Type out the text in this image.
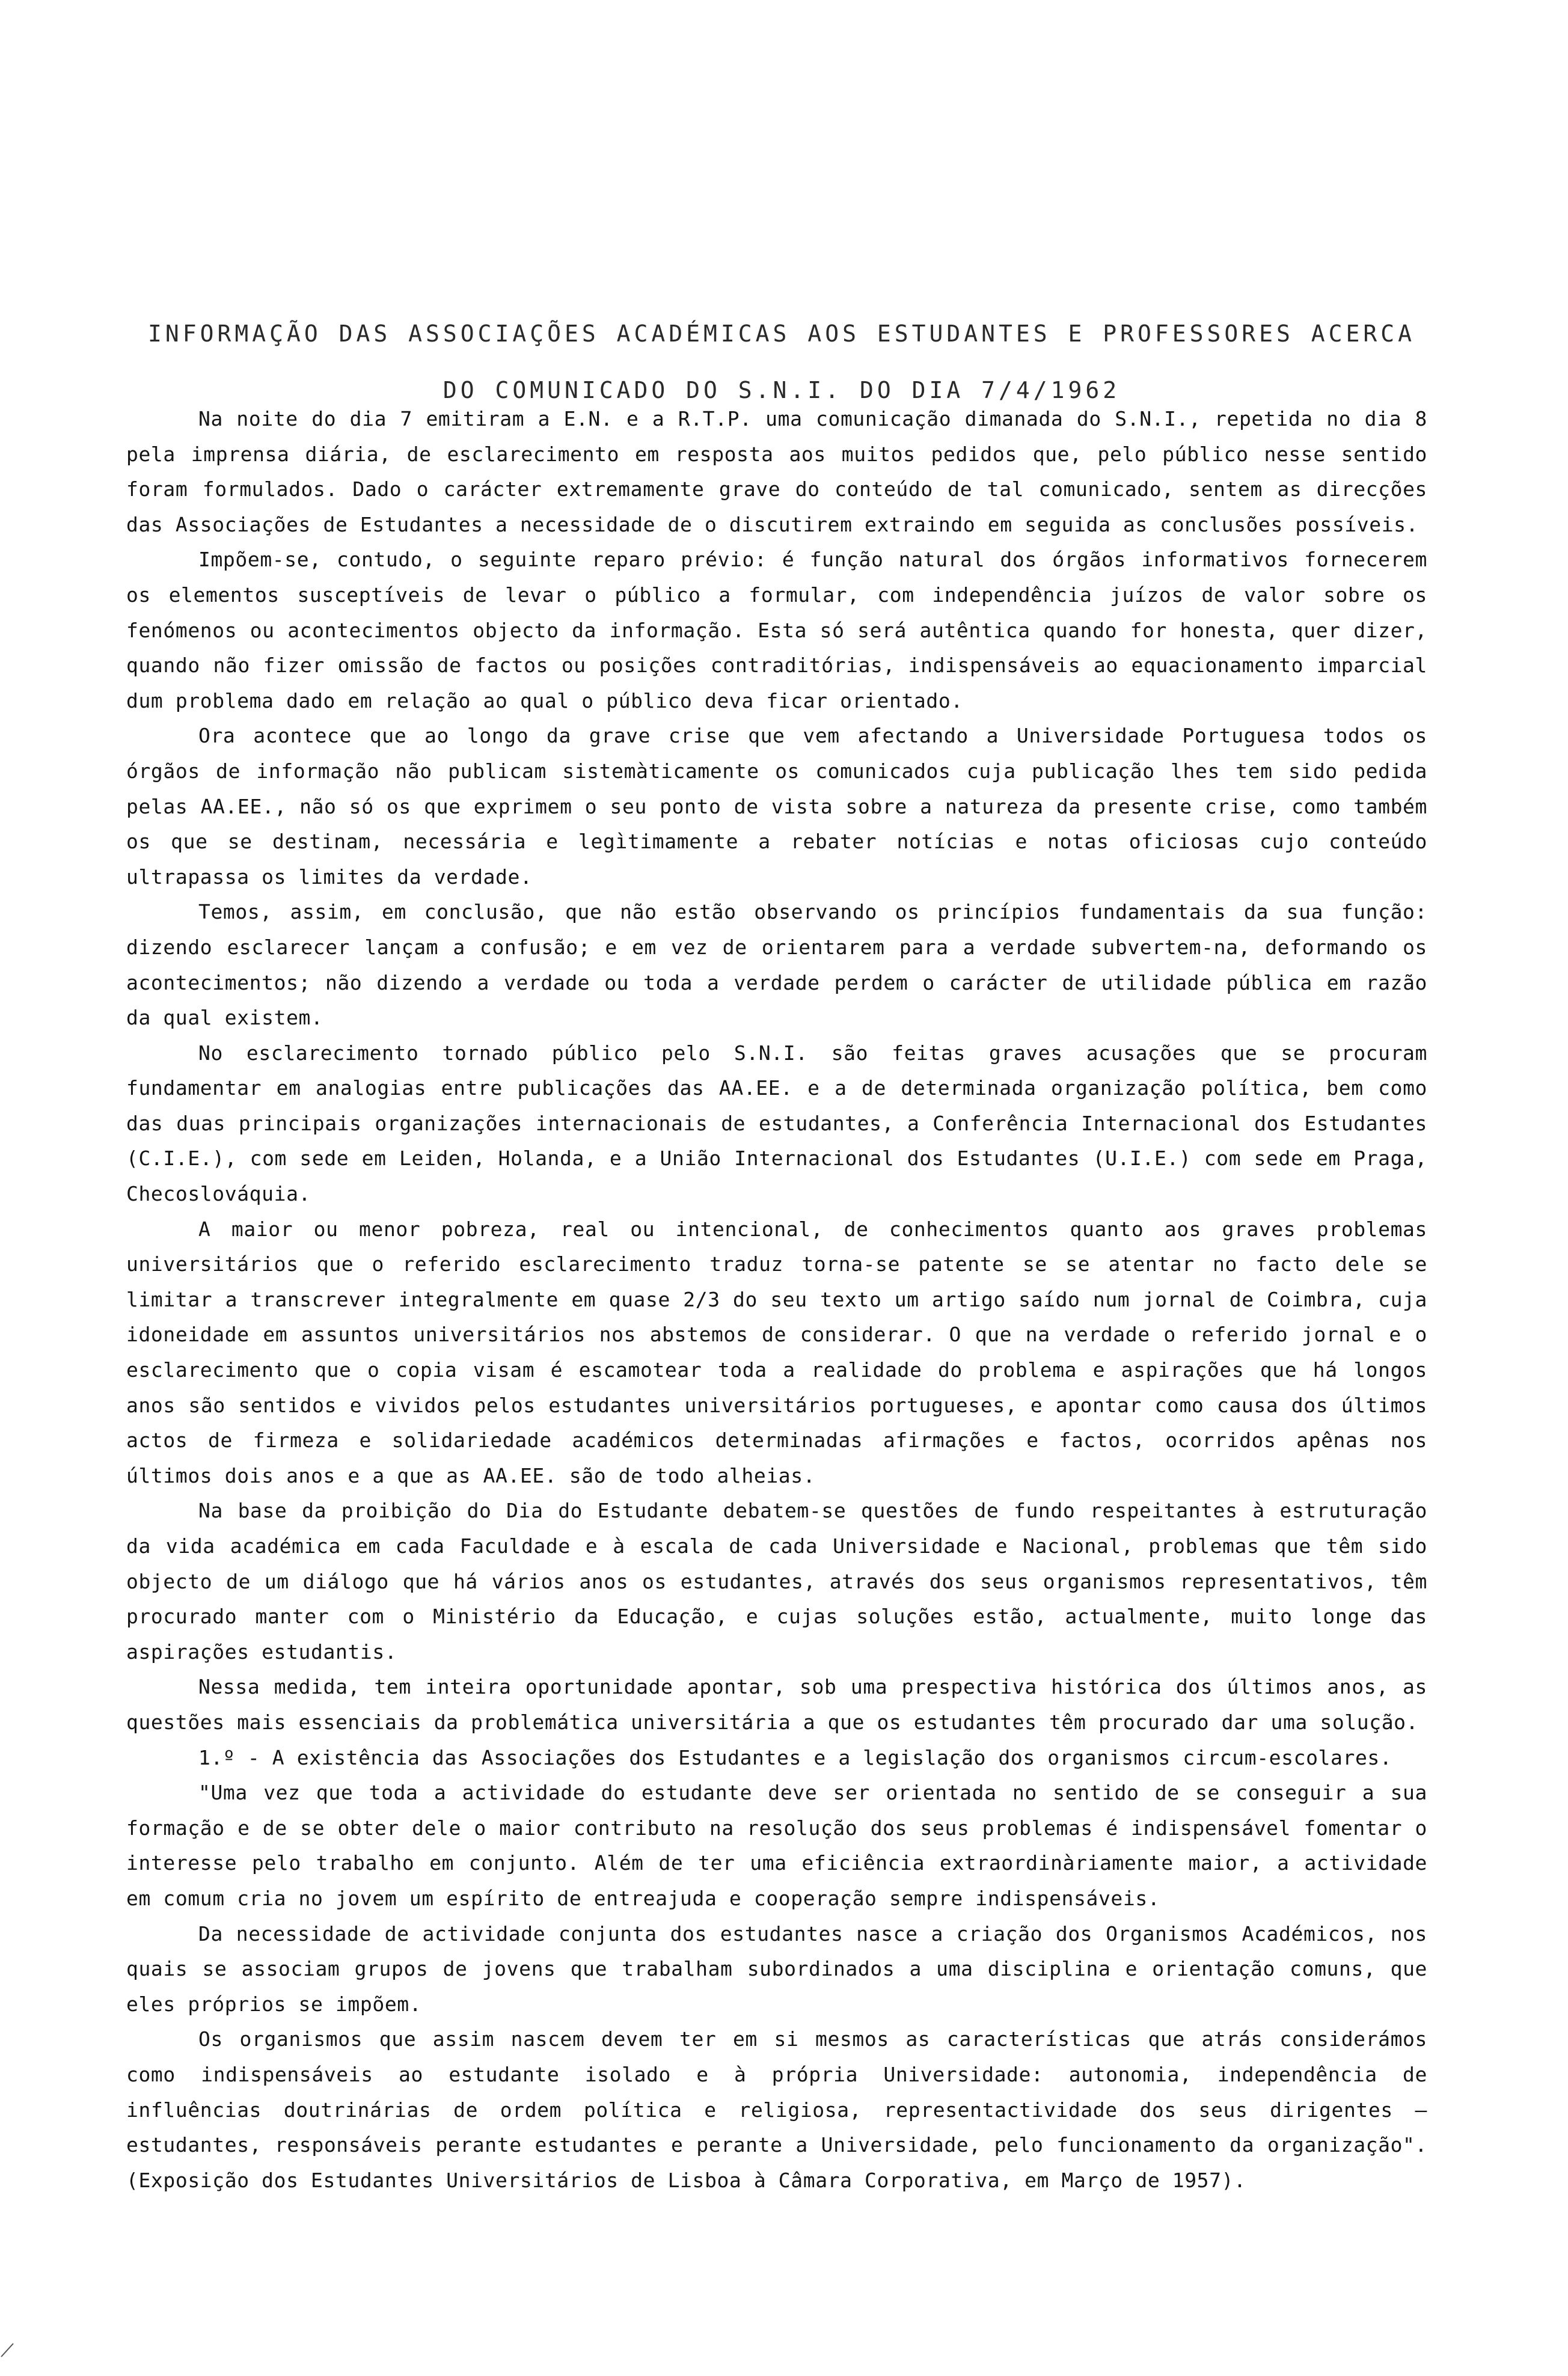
INFORMAÇÃO DAS ASSOCIAÇÕES ACADÉMICAS AOS ESTUDANTES E PROFESSORES ACERCA
DO COMUNICADO DO S.N.I. DO DIA 7/4/1962

Na noite do dia 7 emitiram a E.N. e a R.T.P. uma comunicação dimanada do S.N.I., repetida no dia 8 pela imprensa diária, de esclarecimento em resposta aos muitos pedidos que, pelo público nesse sentido foram formulados. Dado o carácter extremamente grave do conteúdo de tal comunicado, sentem as direcções das Associações de Estudantes a necessidade de o discutirem extraindo em seguida as conclusões possíveis.

Impõem-se, contudo, o seguinte reparo prévio: é função natural dos órgãos informativos fornecerem os elementos susceptíveis de levar o público a formular, com independência juízos de valor sobre os fenómenos ou acontecimentos objecto da informação. Esta só será autêntica quando for honesta, quer dizer, quando não fizer omissão de factos ou posições contraditórias, indispensáveis ao equacionamento imparcial dum problema dado em relação ao qual o público deva ficar orientado.

Ora acontece que ao longo da grave crise que vem afectando a Universidade Portuguesa todos os órgãos de informação não publicam sistemàticamente os comunicados cuja publicação lhes tem sido pedida pelas AA.EE., não só os que exprimem o seu ponto de vista sobre a natureza da presente crise, como também os que se destinam, necessária e legìtimamente a rebater notícias e notas oficiosas cujo conteúdo ultrapassa os limites da verdade.

Temos, assim, em conclusão, que não estão observando os princípios fundamentais da sua função: dizendo esclarecer lançam a confusão; e em vez de orientarem para a verdade subvertem-na, deformando os acontecimentos; não dizendo a verdade ou toda a verdade perdem o carácter de utilidade pública em razão da qual existem.

No esclarecimento tornado público pelo S.N.I. são feitas graves acusações que se procuram fundamentar em analogias entre publicações das AA.EE. e a de determinada organização política, bem como das duas principais organizações internacionais de estudantes, a Conferência Internacional dos Estudantes (C.I.E.), com sede em Leiden, Holanda, e a União Internacional dos Estudantes (U.I.E.) com sede em Praga, Checoslováquia.

A maior ou menor pobreza, real ou intencional, de conhecimentos quanto aos graves problemas universitários que o referido esclarecimento traduz torna-se patente se se atentar no facto dele se limitar a transcrever integralmente em quase 2/3 do seu texto um artigo saído num jornal de Coimbra, cuja idoneidade em assuntos universitários nos abstemos de considerar. O que na verdade o referido jornal e o esclarecimento que o copia visam é escamotear toda a realidade do problema e aspirações que há longos anos são sentidos e vividos pelos estudantes universitários portugueses, e apontar como causa dos últimos actos de firmeza e solidariedade académicos determinadas afirmações e factos, ocorridos apênas nos últimos dois anos e a que as AA.EE. são de todo alheias.

Na base da proibição do Dia do Estudante debatem-se questões de fundo respeitantes à estruturação da vida académica em cada Faculdade e à escala de cada Universidade e Nacional, problemas que têm sido objecto de um diálogo que há vários anos os estudantes, através dos seus organismos representativos, têm procurado manter com o Ministério da Educação, e cujas soluções estão, actualmente, muito longe das aspirações estudantis.

Nessa medida, tem inteira oportunidade apontar, sob uma prespectiva histórica dos últimos anos, as questões mais essenciais da problemática universitária a que os estudantes têm procurado dar uma solução.

1.º - A existência das Associações dos Estudantes e a legislação dos organismos circum-escolares.

"Uma vez que toda a actividade do estudante deve ser orientada no sentido de se conseguir a sua formação e de se obter dele o maior contributo na resolução dos seus problemas é indispensável fomentar o interesse pelo trabalho em conjunto. Além de ter uma eficiência extraordinàriamente maior, a actividade em comum cria no jovem um espírito de entreajuda e cooperação sempre indispensáveis.

Da necessidade de actividade conjunta dos estudantes nasce a criação dos Organismos Académicos, nos quais se associam grupos de jovens que trabalham subordinados a uma disciplina e orientação comuns, que eles próprios se impõem.

Os organismos que assim nascem devem ter em si mesmos as características que atrás considerámos como indispensáveis ao estudante isolado e à própria Universidade: autonomia, independência de influências doutrinárias de ordem política e religiosa, representactividade dos seus dirigentes — estudantes, responsáveis perante estudantes e perante a Universidade, pelo funcionamento da organização". (Exposição dos Estudantes Universitários de Lisboa à Câmara Corporativa, em Março de 1957).
